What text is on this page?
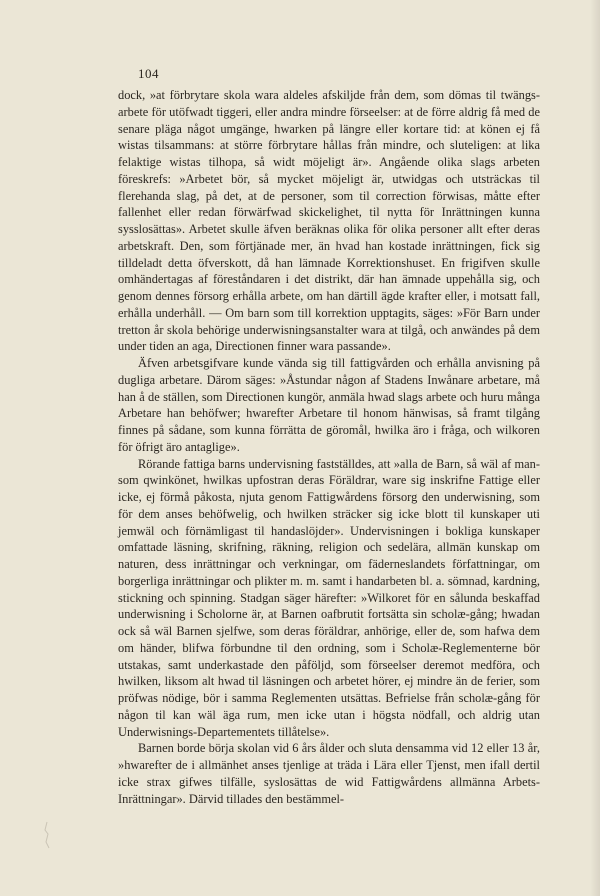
104

dock, »at förbrytare skola wara aldeles afskiljde från dem, som dömas til twängs-arbete för utöfwadt tiggeri, eller andra mindre förseelser: at de förre aldrig få med de senare pläga något umgänge, hwarken på längre eller kortare tid: at könen ej få wistas tilsammans: at större förbrytare hållas från mindre, och sluteligen: at lika felaktige wistas tilhopa, så widt möjeligt är». Angående olika slags arbeten föreskrefs: »Arbetet bör, så mycket möjeligt är, utwidgas och utsträckas til flerehanda slag, på det, at de personer, som til correction förwisas, måtte efter fallenhet eller redan förwärfwad skickelighet, til nytta för Inrättningen kunna sysslosättas». Arbetet skulle äfven beräknas olika för olika personer allt efter deras arbetskraft. Den, som förtjänade mer, än hvad han kostade inrättningen, fick sig tilldeladt detta öfverskott, då han lämnade Korrektionshuset. En frigifven skulle omhändertagas af föreståndaren i det distrikt, där han ämnade uppehålla sig, och genom dennes försorg erhålla arbete, om han därtill ägde krafter eller, i motsatt fall, erhålla underhåll. — Om barn som till korrektion upptagits, säges: »För Barn under tretton år skola behörige underwisningsanstalter wara at tilgå, och anwändes på dem under tiden an aga, Directionen finner wara passande».

Äfven arbetsgifvare kunde vända sig till fattigvården och erhålla anvisning på dugliga arbetare. Därom säges: »Åstundar någon af Stadens Inwånare arbetare, må han å de ställen, som Directionen kungör, anmäla hwad slags arbete och huru många Arbetare han behöfwer; hwarefter Arbetare til honom hänwisas, så framt tilgång finnes på sådane, som kunna förrätta de göromål, hwilka äro i fråga, och wilkoren för öfrigt äro antaglige».

Rörande fattiga barns undervisning fastställdes, att »alla de Barn, så wäl af man- som qwinkönet, hwilkas upfostran deras Föräldrar, ware sig inskrifne Fattige eller icke, ej förmå påkosta, njuta genom Fattigwårdens försorg den underwisning, som för dem anses behöfwelig, och hwilken sträcker sig icke blott til kunskaper uti jemwäl och förnämligast til handaslöjder». Undervisningen i bokliga kunskaper omfattade läsning, skrifning, räkning, religion och sedelära, allmän kunskap om naturen, dess inrättningar och verkningar, om fäderneslandets författningar, om borgerliga inrättningar och plikter m. m. samt i handarbeten bl. a. sömnad, kardning, stickning och spinning. Stadgan säger härefter: »Wilkoret för en sålunda beskaffad underwisning i Scholorne är, at Barnen oafbrutit fortsätta sin scholæ-gång; hwadan ock så wäl Barnen sjelfwe, som deras föräldrar, anhörige, eller de, som hafwa dem om händer, blifwa förbundne til den ordning, som i Scholæ-Reglementerne bör utstakas, samt underkastade den påföljd, som förseelser deremot medföra, och hwilken, liksom alt hwad til läsningen och arbetet hörer, ej mindre än de ferier, som pröfwas nödige, bör i samma Reglementen utsättas. Befrielse från scholæ-gång för någon til kan wäl äga rum, men icke utan i högsta nödfall, och aldrig utan Underwisnings-Departementets tillåtelse».

Barnen borde börja skolan vid 6 års ålder och sluta densamma vid 12 eller 13 år, »hwarefter de i allmänhet anses tjenlige at träda i Lära eller Tjenst, men ifall dertil icke strax gifwes tilfälle, syslosättas de wid Fattigwårdens allmänna Arbets-Inrättningar». Därvid tillades den bestämmel-
